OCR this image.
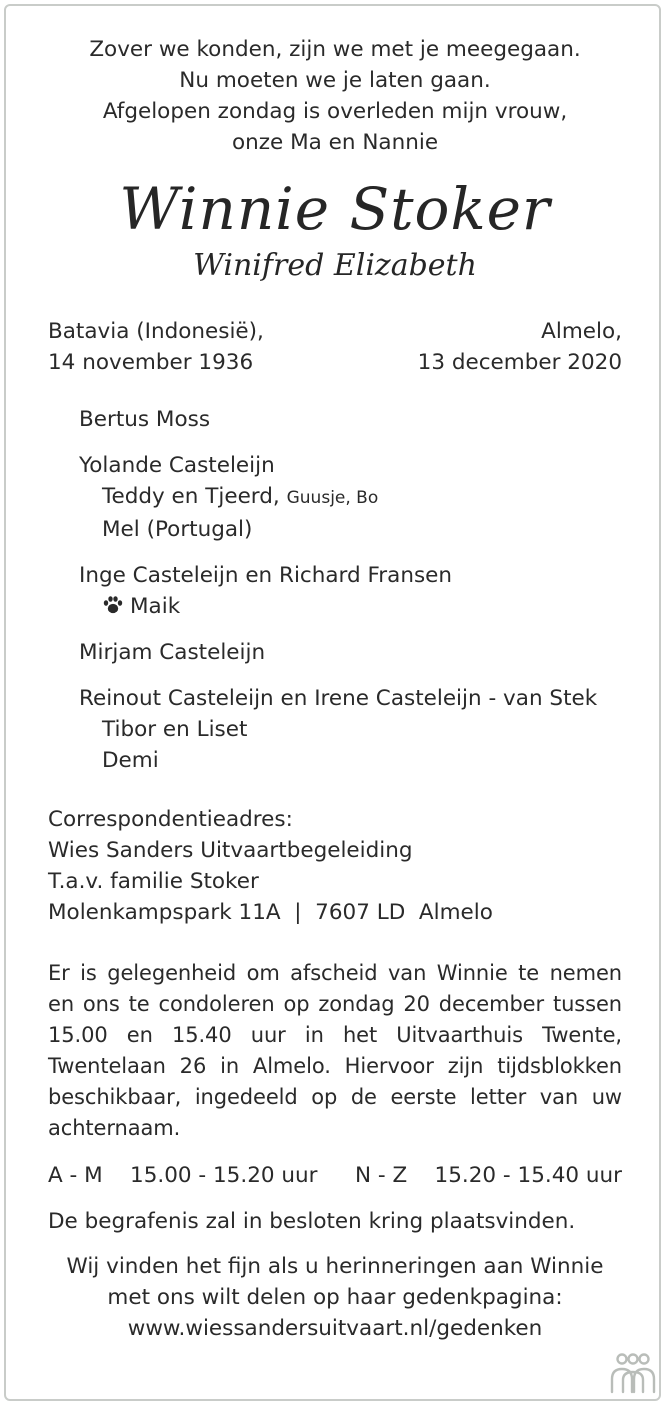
Zover we konden, zijn we met je meegegaan.
Nu moeten we je laten gaan.
Afgelopen zondag is overleden mijn vrouw,
onze Ma en Nannie
Winnie Stoker
Winifred Elizabeth
Batavia (Indonesië),
14 november 1936
Almelo,
13 december 2020
Bertus Moss
Yolande Casteleijn
Teddy en Tjeerd, Guusje, Bo
Mel (Portugal)
Inge Casteleijn en Richard Fransen
Maik
Mirjam Casteleijn
Reinout Casteleijn en Irene Casteleijn - van Stek
Tibor en Liset
Demi
Correspondentieadres:
Wies Sanders Uitvaartbegeleiding
T.a.v. familie Stoker
Molenkampspark 11A  |  7607 LD  Almelo
Er is gelegenheid om afscheid van Winnie te nemen en ons te condoleren op zondag 20 december tussen 15.00 en 15.40 uur in het Uitvaarthuis Twente, Twentelaan 26 in Almelo. Hiervoor zijn tijdsblokken beschikbaar, ingedeeld op de eerste letter van uw achternaam.
A - M    15.00 - 15.20 uur N - Z    15.20 - 15.40 uur
De begrafenis zal in besloten kring plaatsvinden.
Wij vinden het fijn als u herinneringen aan Winnie
met ons wilt delen op haar gedenkpagina:
www.wiessandersuitvaart.nl/gedenken
